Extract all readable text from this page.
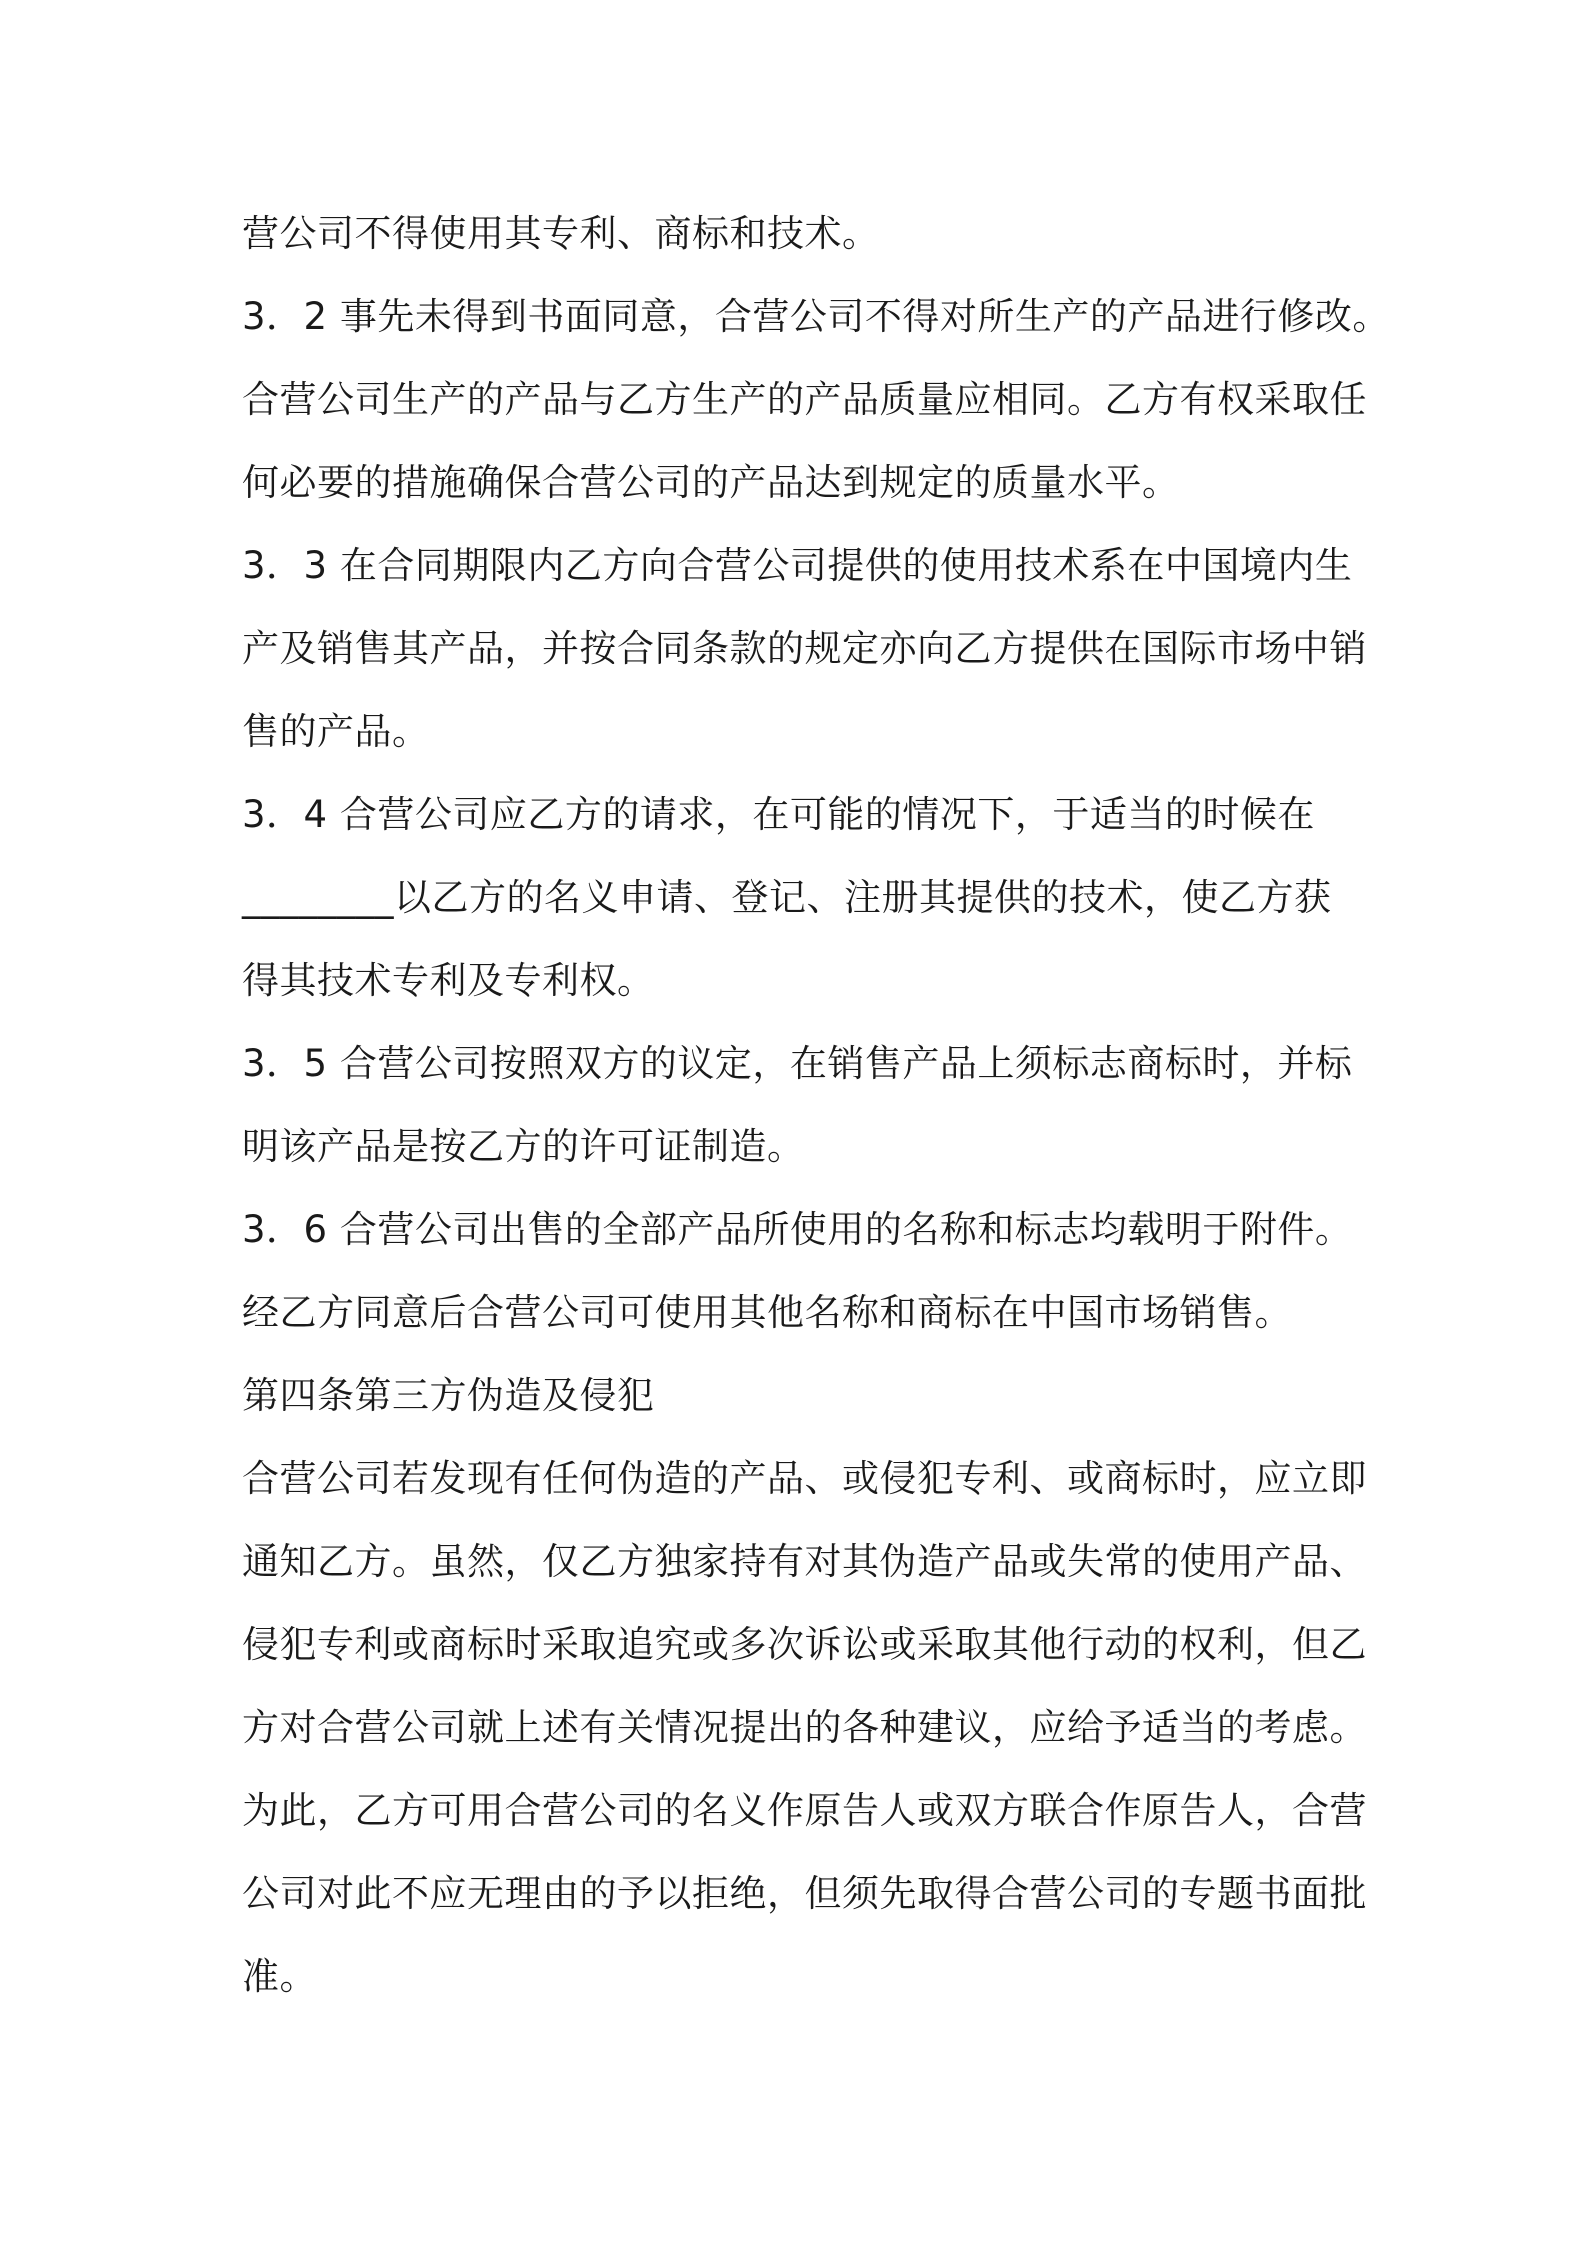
营公司不得使用其专利、商标和技术。
3．2 事先未得到书面同意，合营公司不得对所生产的产品进行修改。
合营公司生产的产品与乙方生产的产品质量应相同。乙方有权采取任
何必要的措施确保合营公司的产品达到规定的质量水平。
3．3 在合同期限内乙方向合营公司提供的使用技术系在中国境内生
产及销售其产品，并按合同条款的规定亦向乙方提供在国际市场中销
售的产品。
3．4 合营公司应乙方的请求，在可能的情况下，于适当的时候在
________以乙方的名义申请、登记、注册其提供的技术，使乙方获
得其技术专利及专利权。
3．5 合营公司按照双方的议定，在销售产品上须标志商标时，并标
明该产品是按乙方的许可证制造。
3．6 合营公司出售的全部产品所使用的名称和标志均载明于附件。
经乙方同意后合营公司可使用其他名称和商标在中国市场销售。
第四条第三方伪造及侵犯
合营公司若发现有任何伪造的产品、或侵犯专利、或商标时，应立即
通知乙方。虽然，仅乙方独家持有对其伪造产品或失常的使用产品、
侵犯专利或商标时采取追究或多次诉讼或采取其他行动的权利，但乙
方对合营公司就上述有关情况提出的各种建议，应给予适当的考虑。
为此，乙方可用合营公司的名义作原告人或双方联合作原告人，合营
公司对此不应无理由的予以拒绝，但须先取得合营公司的专题书面批
准。
